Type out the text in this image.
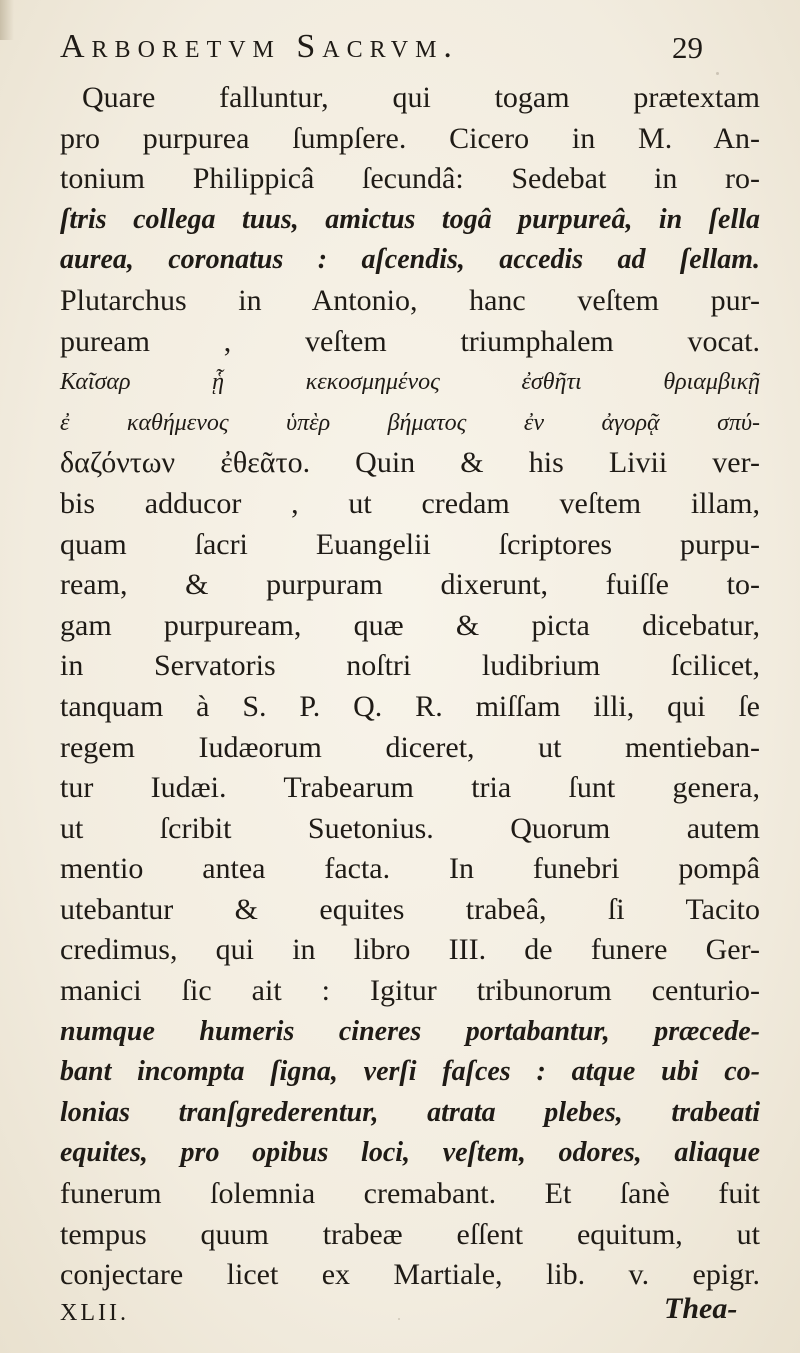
Arboretvm Sacrvm.	29
Quare falluntur, qui togam prætextam
pro purpurea ſumpſere. Cicero in M. An-
tonium Philippicâ ſecundâ: Sedebat in ro-
ſtris collega tuus, amictus togâ purpureâ, in ſella
aurea, coronatus : aſcendis, accedis ad ſellam.
Plutarchus in Antonio, hanc veſtem pur-
puream , veſtem triumphalem vocat.
Καῖσαρ ᾗ κεκοσμημένος ἐσθῆτι θριαμβικῇ
ἐ καθήμενος ὑπὲρ βήματος ἐν ἀγορᾷ σπύ-
δαζόντων ἐθεᾶτο. Quin & his Livii ver-
bis adducor , ut credam veſtem illam,
quam ſacri Euangelii ſcriptores purpu-
ream, & purpuram dixerunt, fuiſſe to-
gam purpuream, quæ & picta dicebatur,
in Servatoris noſtri ludibrium ſcilicet,
tanquam à S. P. Q. R. miſſam illi, qui ſe
regem Iudæorum diceret, ut mentieban-
tur Iudæi. Trabearum tria ſunt genera,
ut ſcribit Suetonius. Quorum autem
mentio antea facta. In funebri pompâ
utebantur & equites trabeâ, ſi Tacito
credimus, qui in libro III. de funere Ger-
manici ſic ait : Igitur tribunorum centurio-
numque humeris cineres portabantur, præcede-
bant incompta ſigna, verſi faſces : atque ubi co-
lonias tranſgrederentur, atrata plebes, trabeati
equites, pro opibus loci, veſtem, odores, aliaque
funerum ſolemnia cremabant. Et ſanè fuit
tempus quum trabeæ eſſent equitum, ut
conjectare licet ex Martiale, lib. v. epigr.
XLII.	Thea-
